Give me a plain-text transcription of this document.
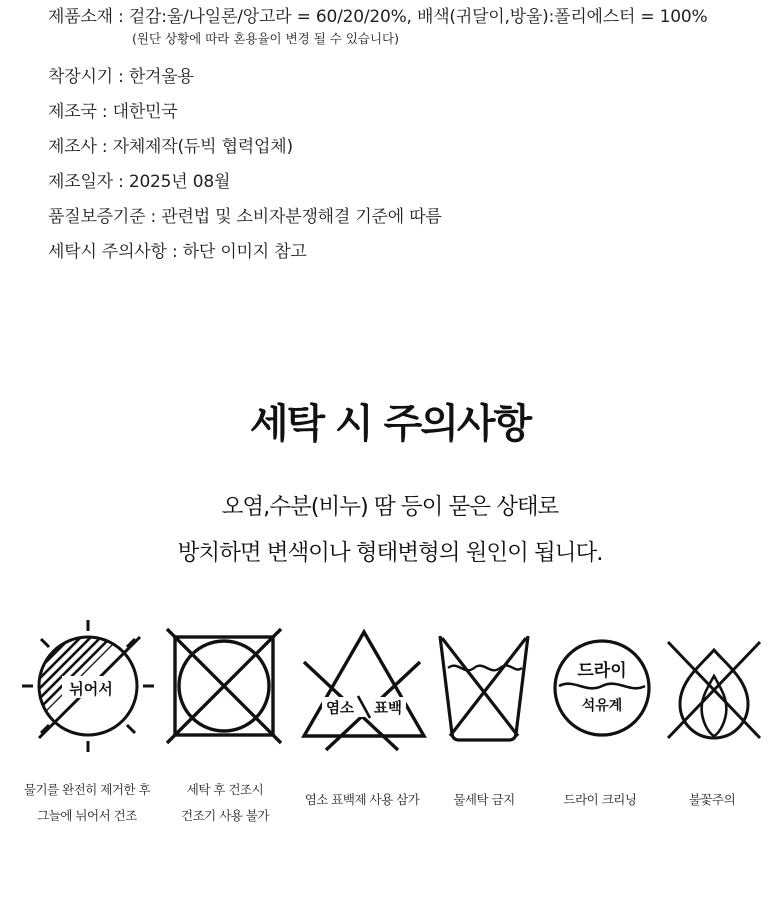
제품소재 : 겉감:울/나일론/앙고라 = 60/20/20%, 배색(귀달이,방울):폴리에스터 = 100%
(원단 상황에 따라 혼용율이 변경 될 수 있습니다)
착장시기 : 한겨울용
제조국 : 대한민국
제조사 : 자체제작(듀빅 협력업체)
제조일자 : 2025년 08월
품질보증기준 : 관련법 및 소비자분쟁해결 기준에 따름
세탁시 주의사항 : 하단 이미지 참고
세탁 시 주의사항
오염,수분(비누) 땀 등이 묻은 상태로
방치하면 변색이나 형태변형의 원인이 됩니다.
뉘어서
염소 표백
드라이
석유계
물기를 완전히 제거한 후
그늘에 뉘어서 건조
세탁 후 건조시
건조기 사용 불가
염소 표백제 사용 삼가	물세탁 금지	드라이 크리닝	불꽃주의
